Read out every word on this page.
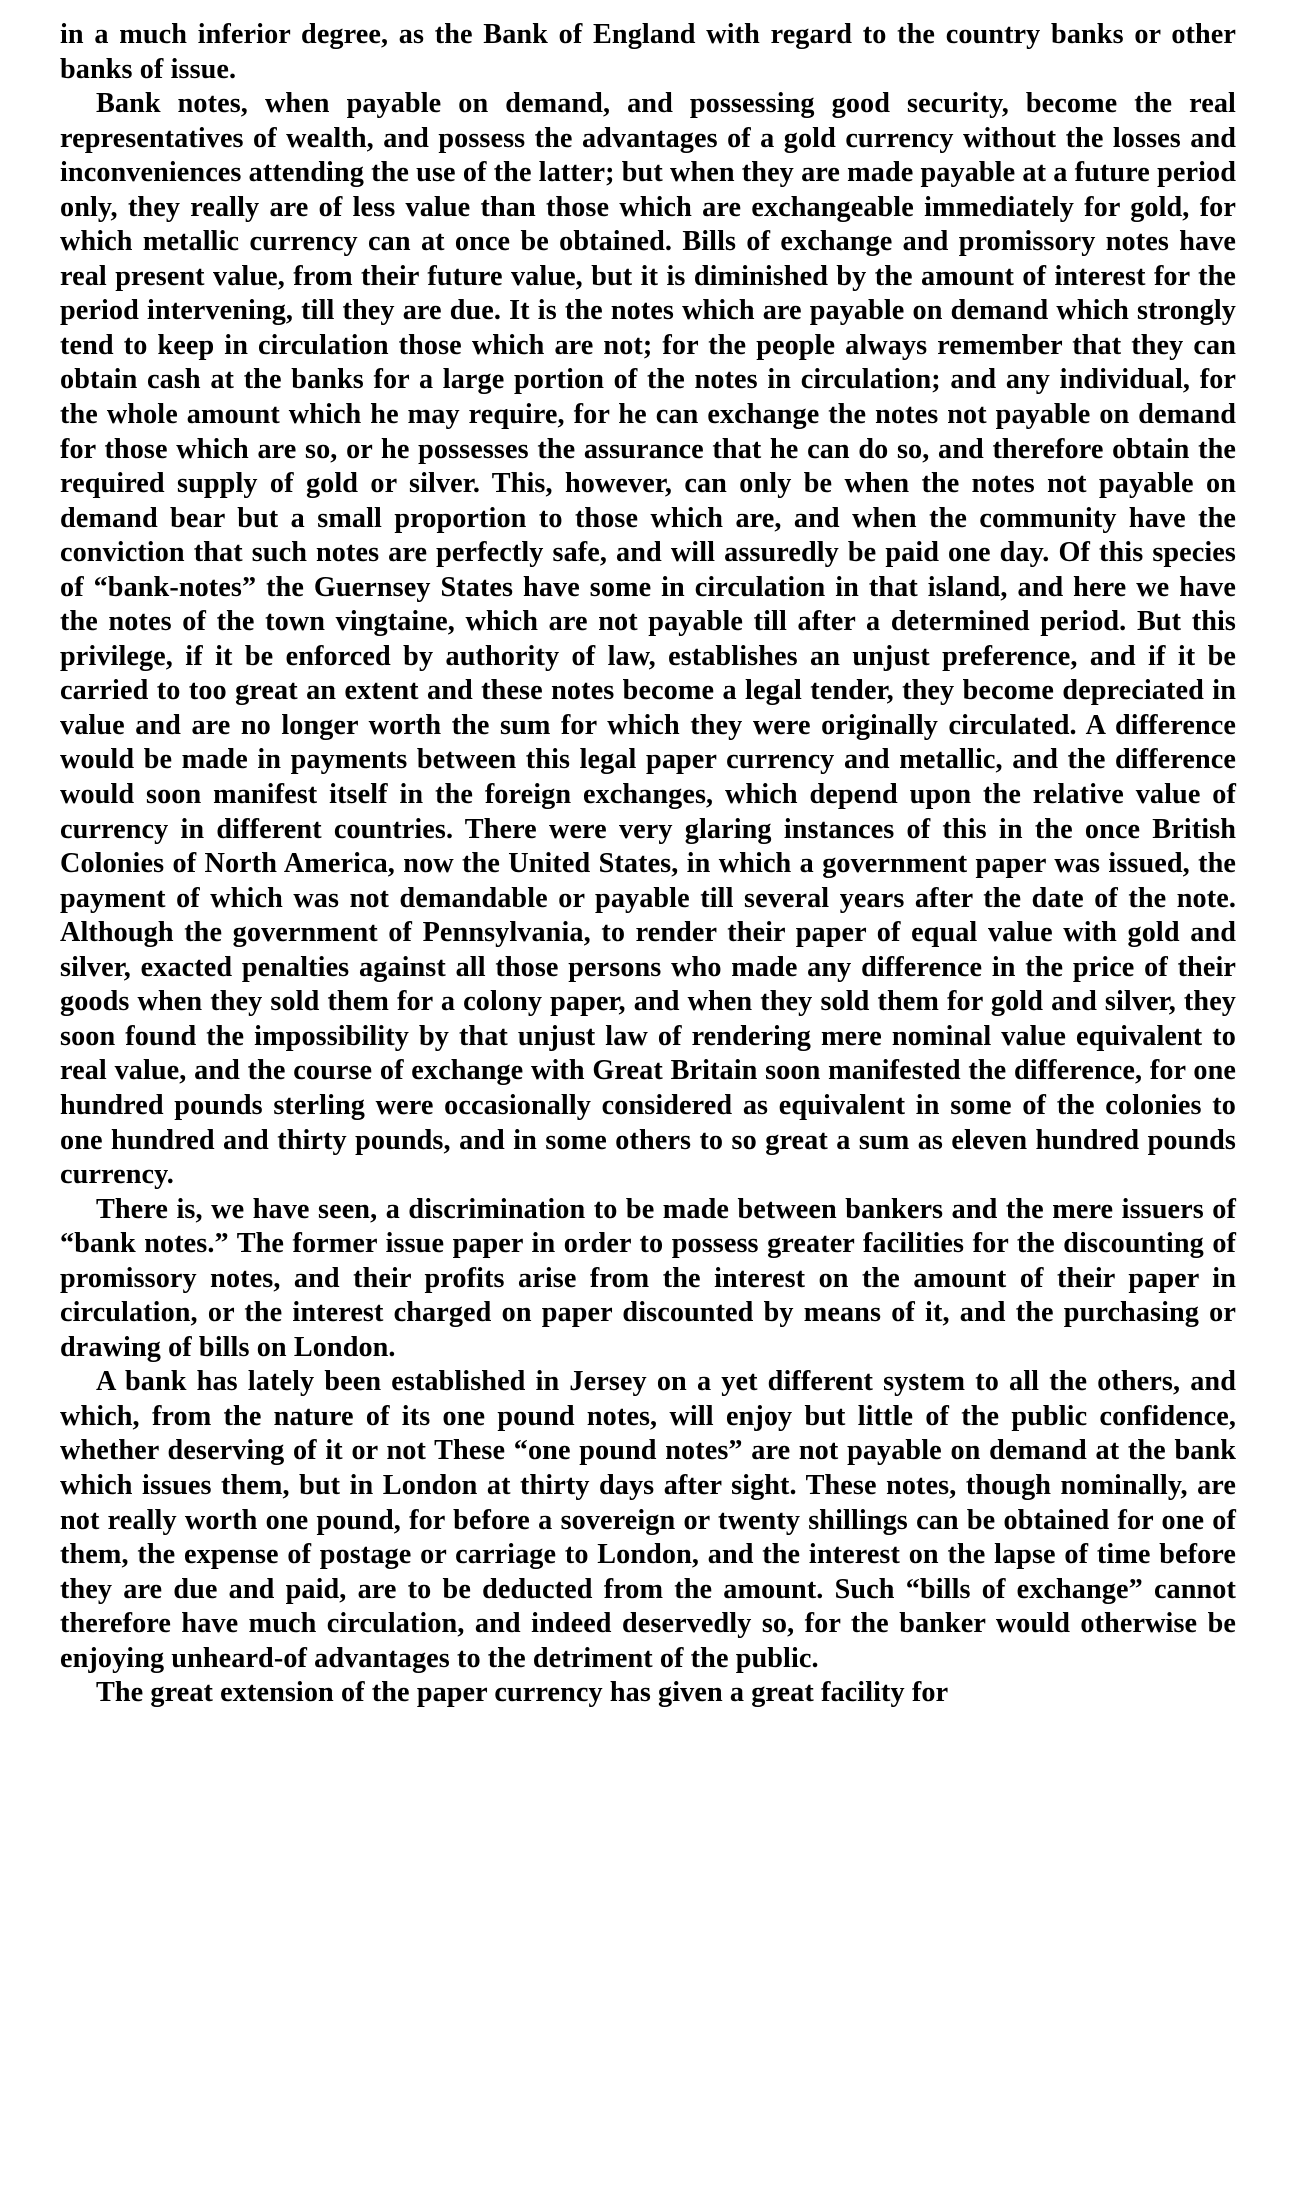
in a much inferior degree, as the Bank of England with regard to the country banks or other banks of issue.

Bank notes, when payable on demand, and possessing good security, become the real representatives of wealth, and possess the advantages of a gold currency without the losses and inconveniences attending the use of the latter; but when they are made payable at a future period only, they really are of less value than those which are exchangeable immediately for gold, for which metallic currency can at once be obtained. Bills of exchange and promissory notes have real present value, from their future value, but it is diminished by the amount of interest for the period intervening, till they are due. It is the notes which are payable on demand which strongly tend to keep in circulation those which are not; for the people always remember that they can obtain cash at the banks for a large portion of the notes in circulation; and any individual, for the whole amount which he may require, for he can exchange the notes not payable on demand for those which are so, or he possesses the assurance that he can do so, and therefore obtain the required supply of gold or silver. This, however, can only be when the notes not payable on demand bear but a small proportion to those which are, and when the community have the conviction that such notes are perfectly safe, and will assuredly be paid one day. Of this species of “bank-notes” the Guernsey States have some in circulation in that island, and here we have the notes of the town vingtaine, which are not payable till after a determined period. But this privilege, if it be enforced by authority of law, establishes an unjust preference, and if it be carried to too great an extent and these notes become a legal tender, they become depreciated in value and are no longer worth the sum for which they were originally circulated. A difference would be made in payments between this legal paper currency and metallic, and the difference would soon manifest itself in the foreign exchanges, which depend upon the relative value of currency in different countries. There were very glaring instances of this in the once British Colonies of North America, now the United States, in which a government paper was issued, the payment of which was not demandable or payable till several years after the date of the note. Although the government of Pennsylvania, to render their paper of equal value with gold and silver, exacted penalties against all those persons who made any difference in the price of their goods when they sold them for a colony paper, and when they sold them for gold and silver, they soon found the impossibility by that unjust law of rendering mere nominal value equivalent to real value, and the course of exchange with Great Britain soon manifested the difference, for one hundred pounds sterling were occasionally considered as equivalent in some of the colonies to one hundred and thirty pounds, and in some others to so great a sum as eleven hundred pounds currency.

There is, we have seen, a discrimination to be made between bankers and the mere issuers of “bank notes.” The former issue paper in order to possess greater facilities for the discounting of promissory notes, and their profits arise from the interest on the amount of their paper in circulation, or the interest charged on paper discounted by means of it, and the purchasing or drawing of bills on London.

A bank has lately been established in Jersey on a yet different system to all the others, and which, from the nature of its one pound notes, will enjoy but little of the public confidence, whether deserving of it or not These “one pound notes” are not payable on demand at the bank which issues them, but in London at thirty days after sight. These notes, though nominally, are not really worth one pound, for before a sovereign or twenty shillings can be obtained for one of them, the expense of postage or carriage to London, and the interest on the lapse of time before they are due and paid, are to be deducted from the amount. Such “bills of exchange” cannot therefore have much circulation, and indeed deservedly so, for the banker would otherwise be enjoying unheard-of advantages to the detriment of the public.

The great extension of the paper currency has given a great facility for
